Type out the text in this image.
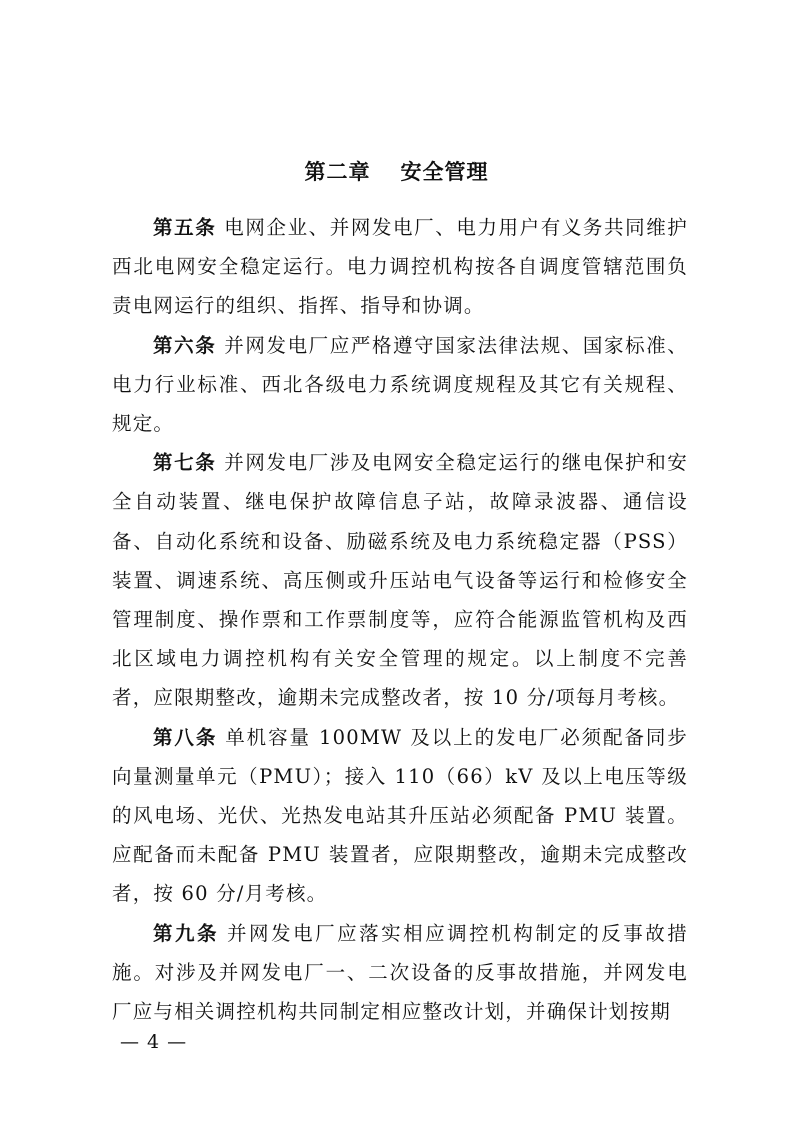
第二章 安全管理

第五条 电网企业、并网发电厂、电力用户有义务共同维护西北电网安全稳定运行。电力调控机构按各自调度管辖范围负责电网运行的组织、指挥、指导和协调。

第六条 并网发电厂应严格遵守国家法律法规、国家标准、电力行业标准、西北各级电力系统调度规程及其它有关规程、规定。

第七条 并网发电厂涉及电网安全稳定运行的继电保护和安全自动装置、继电保护故障信息子站，故障录波器、通信设备、自动化系统和设备、励磁系统及电力系统稳定器（PSS）装置、调速系统、高压侧或升压站电气设备等运行和检修安全管理制度、操作票和工作票制度等，应符合能源监管机构及西北区域电力调控机构有关安全管理的规定。以上制度不完善者，应限期整改，逾期未完成整改者，按 10 分/项每月考核。

第八条 单机容量 100MW 及以上的发电厂必须配备同步向量测量单元（PMU）；接入 110（66）kV 及以上电压等级的风电场、光伏、光热发电站其升压站必须配备 PMU 装置。应配备而未配备 PMU 装置者，应限期整改，逾期未完成整改者，按 60 分/月考核。

第九条 并网发电厂应落实相应调控机构制定的反事故措施。对涉及并网发电厂一、二次设备的反事故措施，并网发电厂应与相关调控机构共同制定相应整改计划，并确保计划按期

— 4 —
